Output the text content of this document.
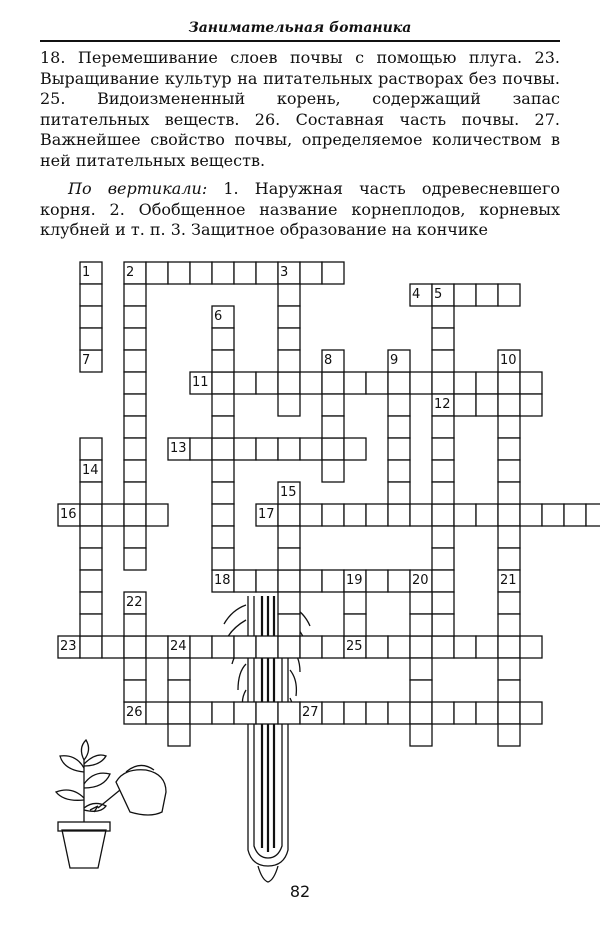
Занимательная ботаника

18. Перемешивание слоев почвы с помощью плуга. 23. Выращивание культур на питательных растворах без почвы. 25. Видоизмененный корень, содержащий запас питательных веществ. 26. Составная часть почвы. 27. Важнейшее свойство почвы, определяемое количеством в ней питательных веществ.

По вертикали: 1. Наружная часть одревесневшего корня. 2. Обобщенное название корнеплодов, корневых клубней и т. п. 3. Защитное образование на кончике

1	2	3
4 5
6
7	8	9	10
11
12
13
14
15
16	17
18	19	20	21
22
23	24	25
26	27
82
